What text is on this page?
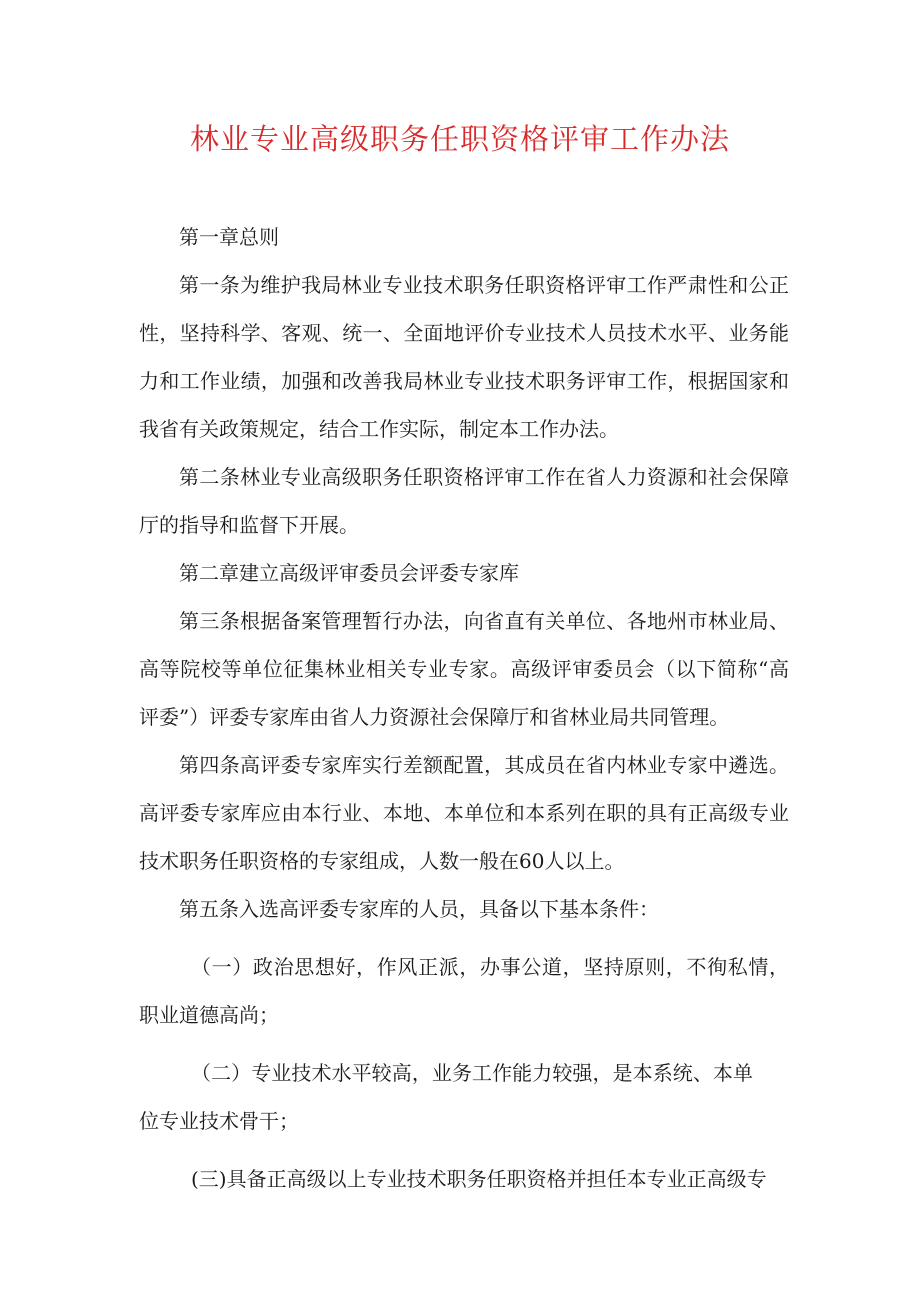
林业专业高级职务任职资格评审工作办法

第一章总则

第一条为维护我局林业专业技术职务任职资格评审工作严肃性和公正性，坚持科学、客观、统一、全面地评价专业技术人员技术水平、业务能力和工作业绩，加强和改善我局林业专业技术职务评审工作，根据国家和我省有关政策规定，结合工作实际，制定本工作办法。

第二条林业专业高级职务任职资格评审工作在省人力资源和社会保障厅的指导和监督下开展。

第二章建立高级评审委员会评委专家库

第三条根据备案管理暂行办法，向省直有关单位、各地州市林业局、高等院校等单位征集林业相关专业专家。高级评审委员会（以下简称“高评委”）评委专家库由省人力资源社会保障厅和省林业局共同管理。

第四条高评委专家库实行差额配置，其成员在省内林业专家中遴选。高评委专家库应由本行业、本地、本单位和本系列在职的具有正高级专业技术职务任职资格的专家组成，人数一般在60人以上。

第五条入选高评委专家库的人员，具备以下基本条件：

（一）政治思想好，作风正派，办事公道，坚持原则，不徇私情，职业道德高尚；

（二）专业技术水平较高，业务工作能力较强，是本系统、本单位专业技术骨干；

(三)具备正高级以上专业技术职务任职资格并担任本专业正高级专
